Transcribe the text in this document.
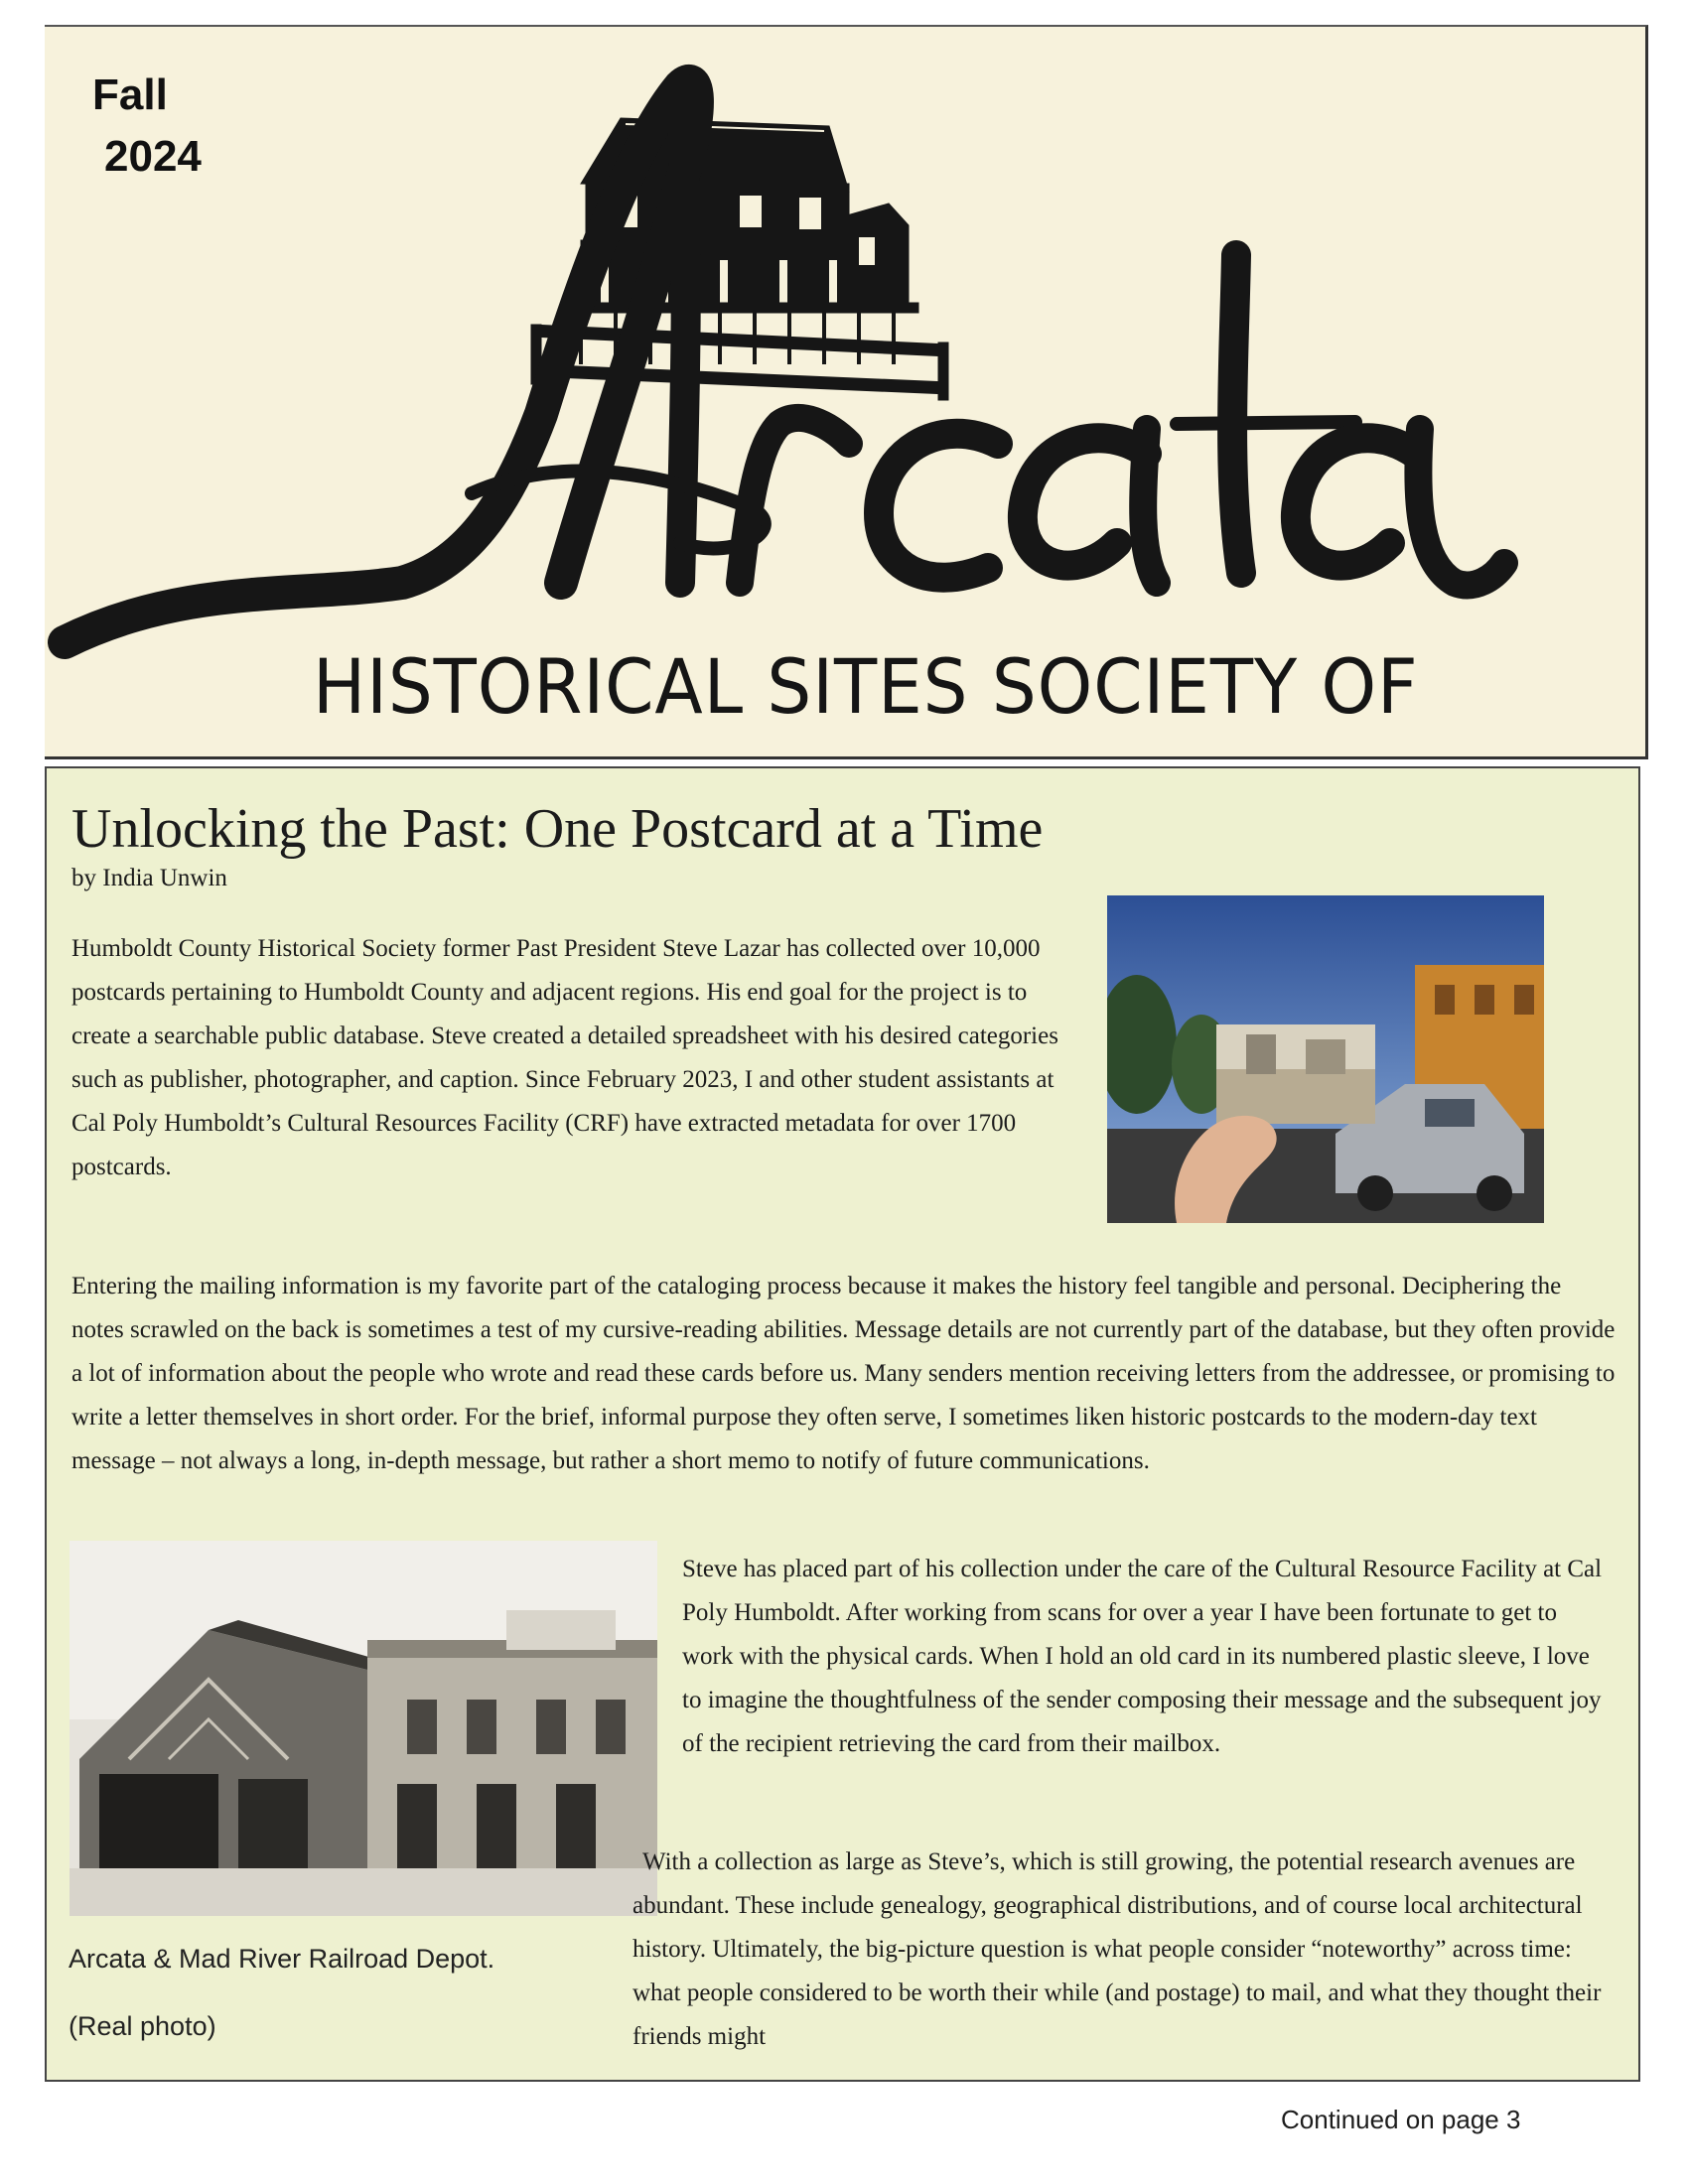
Fall
2024
Arcata
HISTORICAL SITES SOCIETY OF
Unlocking the Past: One Postcard at a Time
by India Unwin

Humboldt County Historical Society former Past President Steve Lazar has collected over 10,000 postcards pertaining to Humboldt County and adjacent regions. His end goal for the project is to create a searchable public database. Steve created a detailed spreadsheet with his desired categories such as publisher, photographer, and caption. Since February 2023, I and other student assistants at Cal Poly Humboldt’s Cultural Resources Facility (CRF) have extracted metadata for over 1700 postcards.

Entering the mailing information is my favorite part of the cataloging process because it makes the history feel tangible and personal. Deciphering the notes scrawled on the back is sometimes a test of my cursive-reading abilities. Message details are not currently part of the database, but they often provide a lot of information about the people who wrote and read these cards before us. Many senders mention receiving letters from the addressee, or promising to write a letter themselves in short order. For the brief, informal purpose they often serve, I sometimes liken historic postcards to the modern-day text message – not always a long, in-depth message, but rather a short memo to notify of future communications.

Steve has placed part of his collection under the care of the Cultural Resource Facility at Cal Poly Humboldt. After working from scans for over a year I have been fortunate to get to work with the physical cards. When I hold an old card in its numbered plastic sleeve, I love to imagine the thoughtfulness of the sender composing their message and the subsequent joy of the recipient retrieving the card from their mailbox.

With a collection as large as Steve’s, which is still growing, the potential research avenues are abundant. These include genealogy, geographical distributions, and of course local architectural history. Ultimately, the big-picture question is what people consider “noteworthy” across time: what people considered to be worth their while (and postage) to mail, and what they thought their friends might

Arcata & Mad River Railroad Depot.
(Real photo)
Continued on page 3
